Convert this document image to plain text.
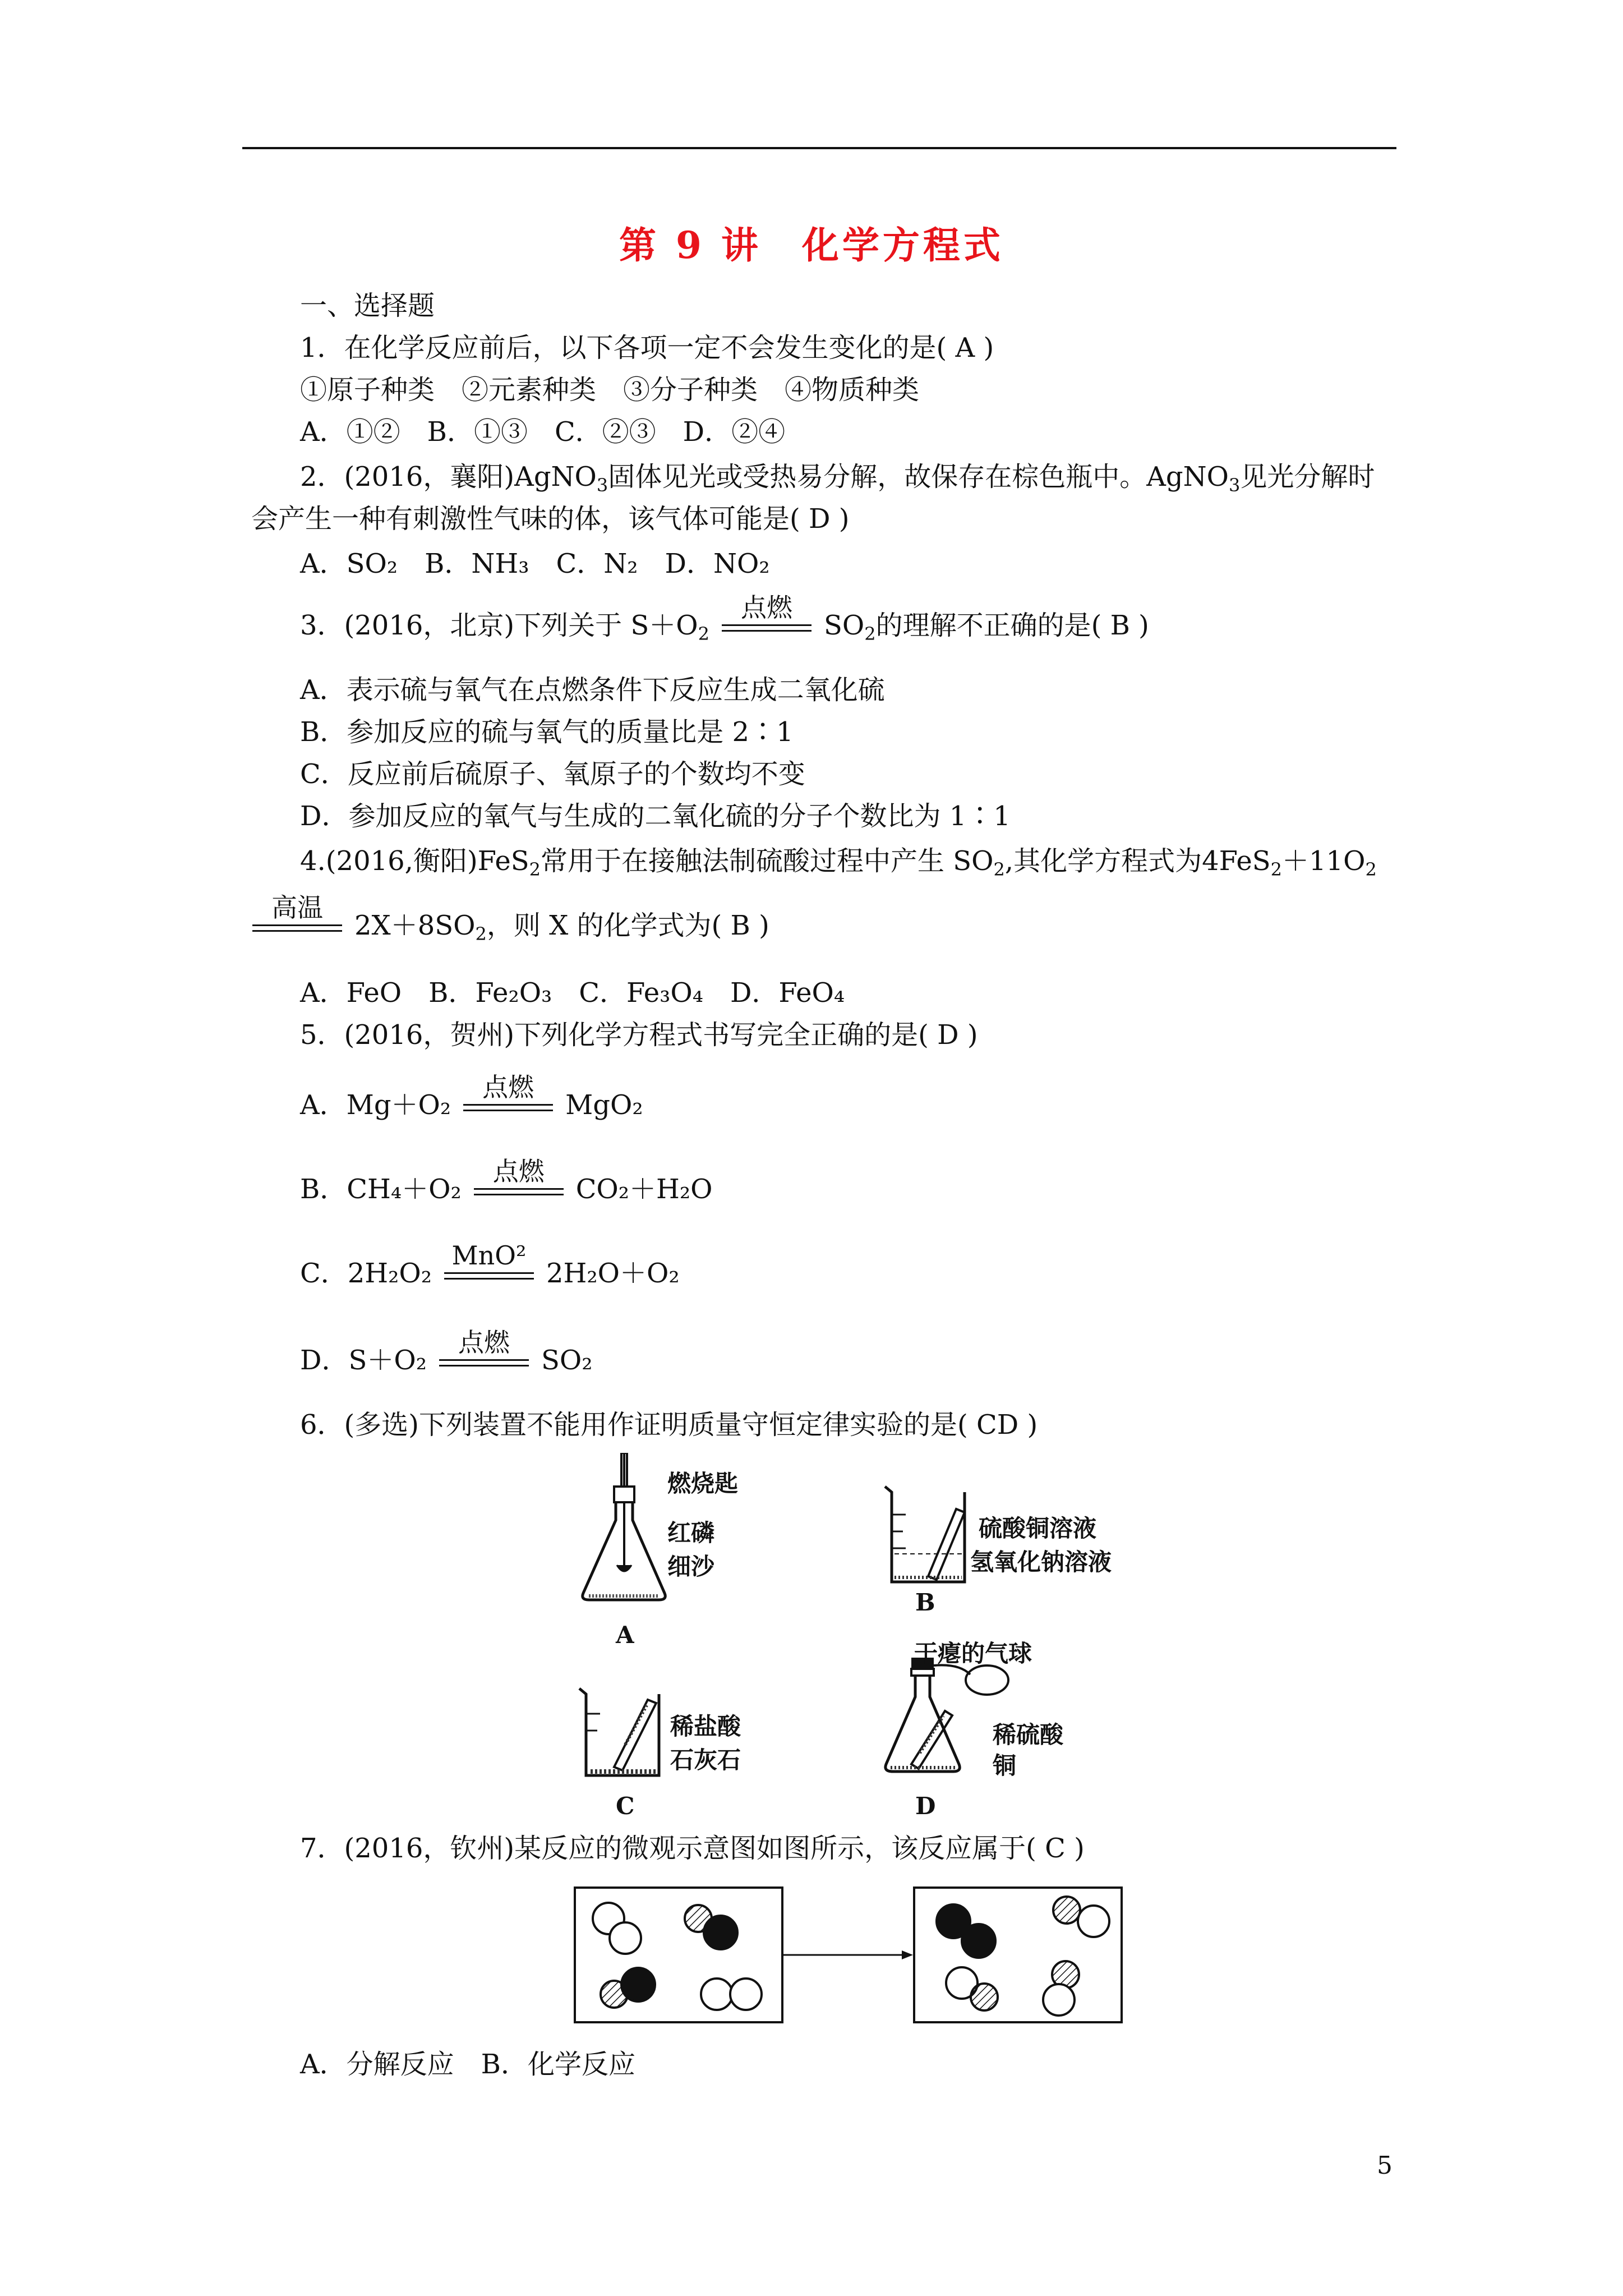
第 9 讲　化学方程式
一、选择题
1．在化学反应前后，以下各项一定不会发生变化的是( A )
①原子种类　②元素种类　③分子种类　④物质种类
A．①②　B．①③　C．②③　D．②④
2．(2016，襄阳)AgNO$_3$固体见光或受热易分解，故保存在棕色瓶中。AgNO$_3$见光分解时
会产生一种有刺激性气味的体，该气体可能是( D )
A．SO₂　B．NH₃　C．N₂　D．NO₂
3．(2016，北京)下列关于 $S+O_2$
点燃
$SO_2$的理解不正确的是( B )
A．表示硫与氧气在点燃条件下反应生成二氧化硫
B．参加反应的硫与氧气的质量比是 2∶1
C．反应前后硫原子、氧原子的个数均不变
D．参加反应的氧气与生成的二氧化硫的分子个数比为 1∶1
4.(2016,衡阳)FeS$_2$常用于在接触法制硫酸过程中产生 $SO_2$,其化学方程式为$4FeS_2+11O_2$
高温
$2X+8SO_2$，则 X 的化学式为( B )
A．FeO　B．Fe₂O₃　C．Fe₃O₄　D．FeO₄
5．(2016，贺州)下列化学方程式书写完全正确的是( D )
A．Mg＋O₂
点燃
MgO₂
B．CH₄＋O₂
点燃
CO₂＋H₂O
C．2H₂O₂
MnO²
2H₂O＋O₂
D．S＋O₂
点燃
SO₂
6．(多选)下列装置不能用作证明质量守恒定律实验的是( CD )
燃烧匙
红磷
细沙
A
硫酸铜溶液
氢氧化钠溶液
B
稀盐酸
石灰石
C
干瘪的气球
稀硫酸
铜
D
7．(2016，钦州)某反应的微观示意图如图所示，该反应属于( C )
A．分解反应　B．化学反应
5
